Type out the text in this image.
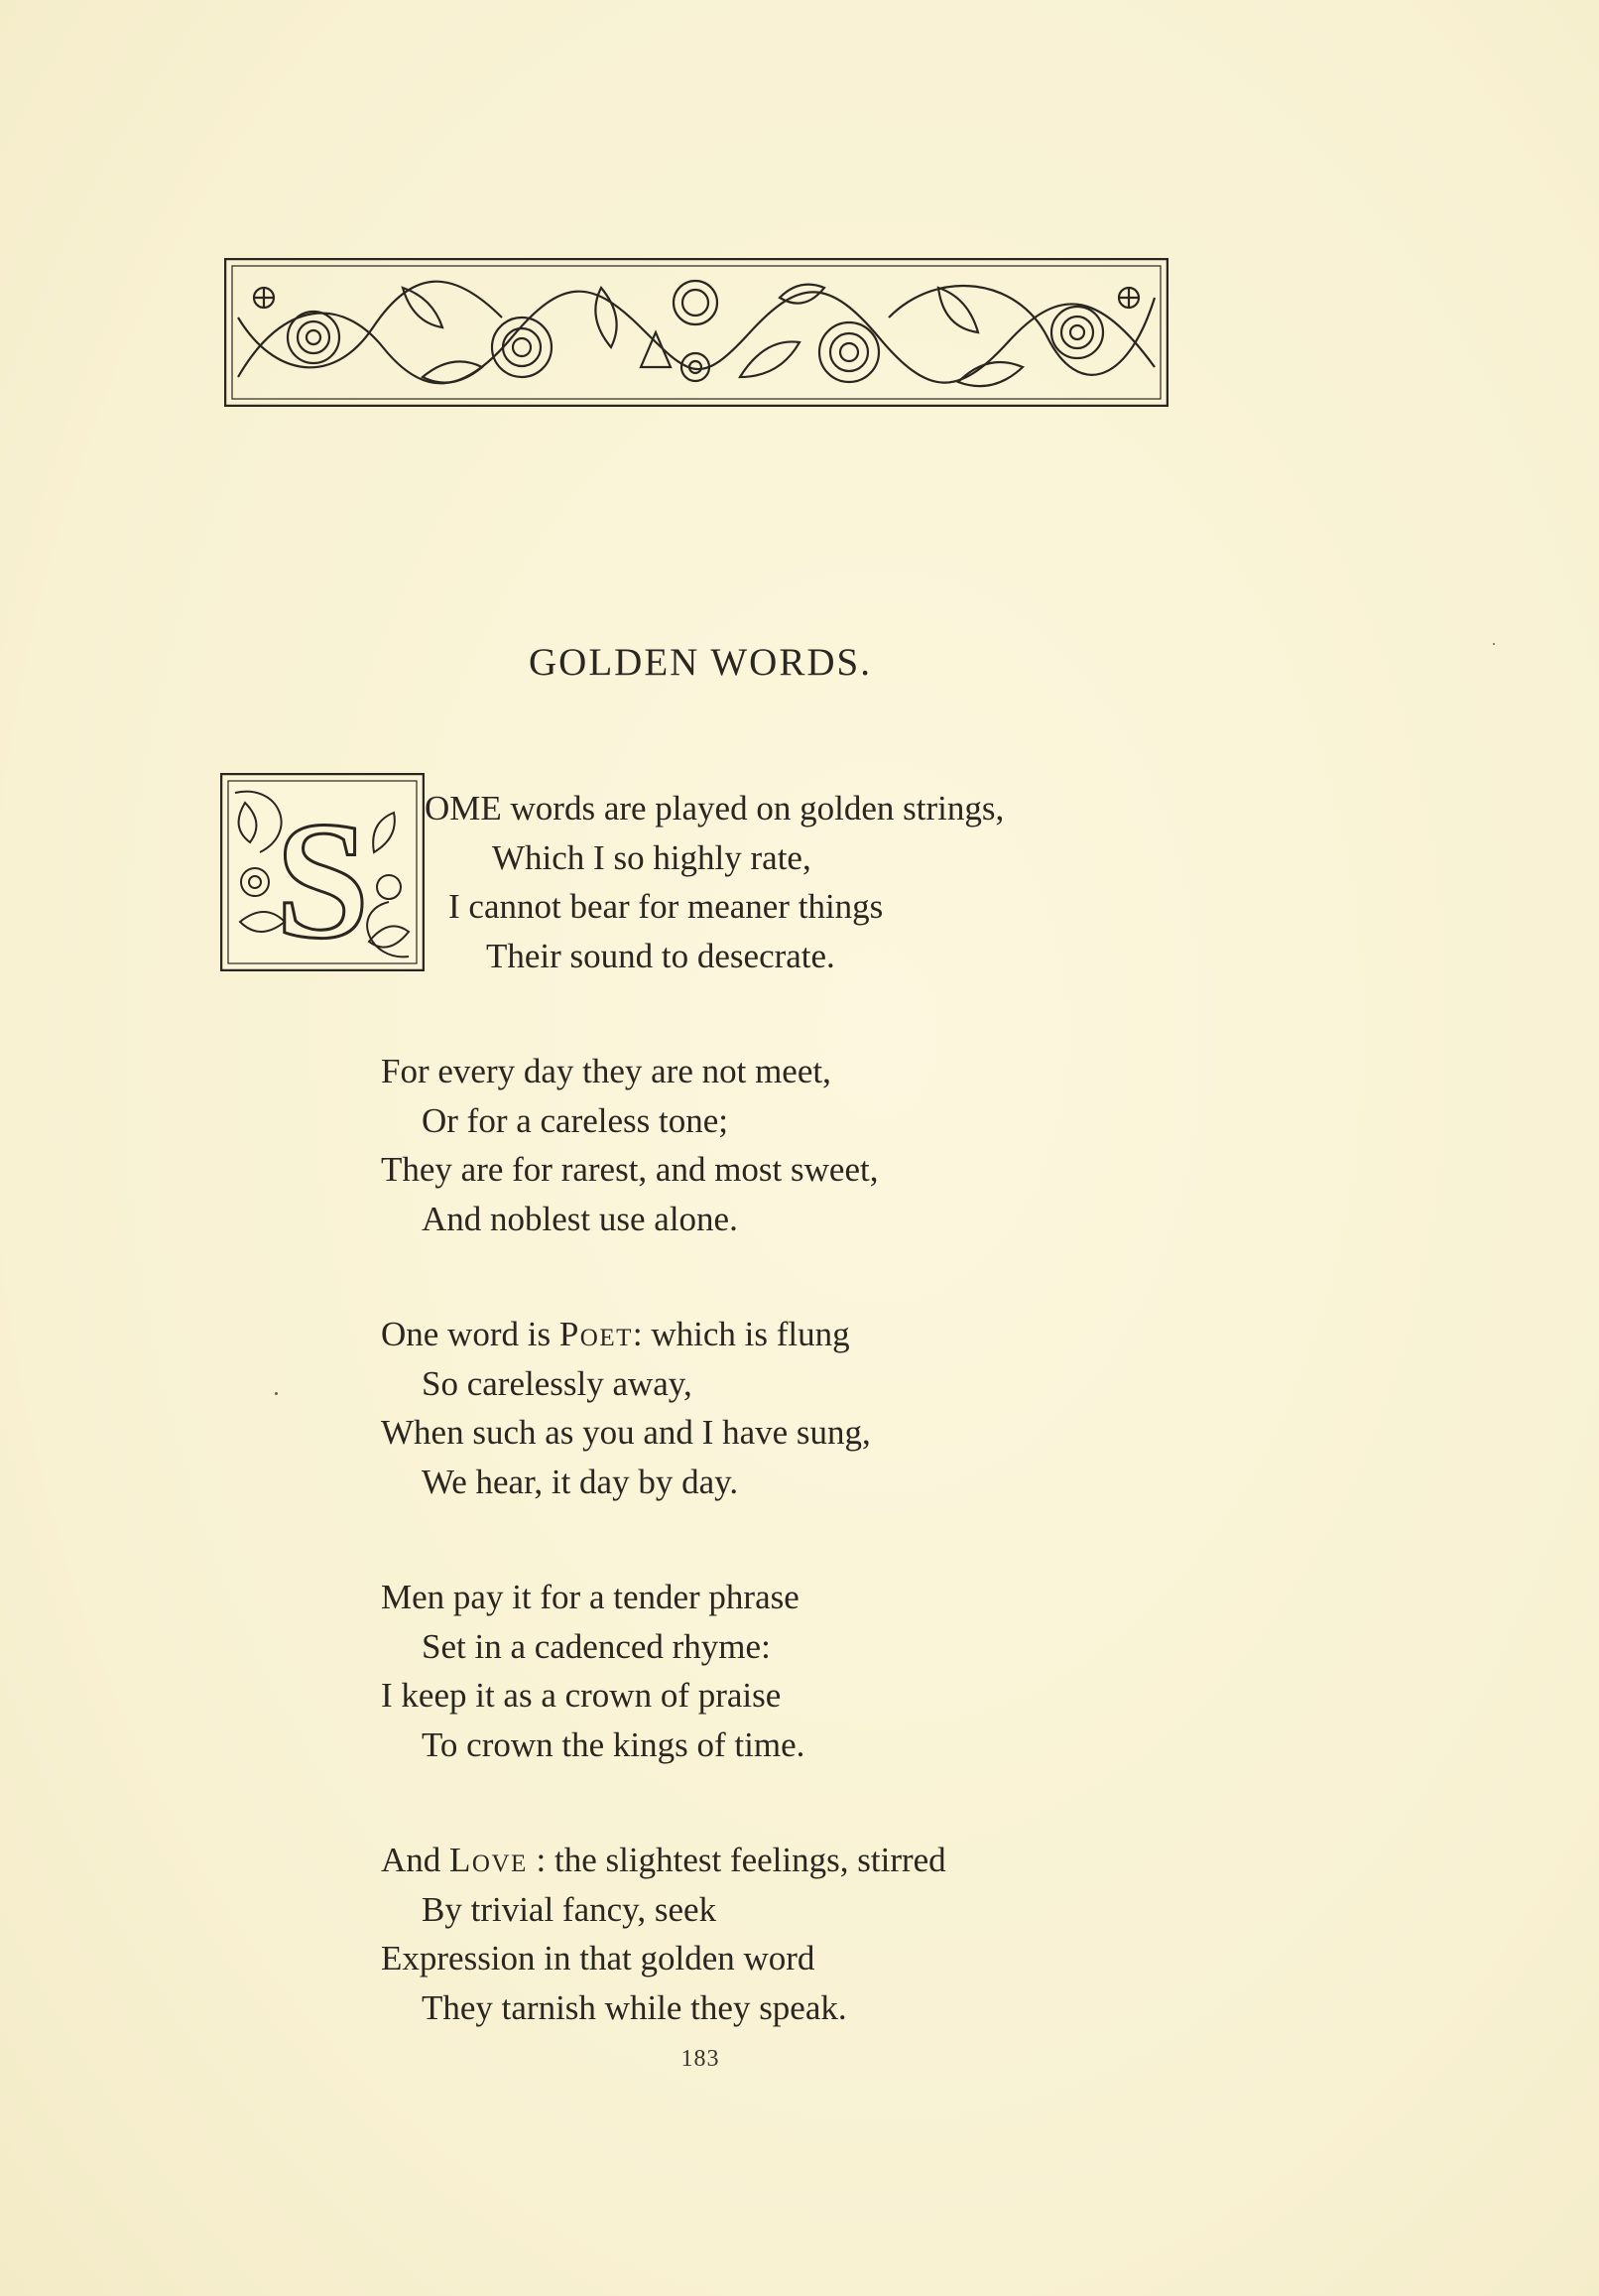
GOLDEN WORDS.
S	OME words are played on golden strings,
Which I so highly rate,
I cannot bear for meaner things
Their sound to desecrate.
For every day they are not meet,
Or for a careless tone;
They are for rarest, and most sweet,
And noblest use alone.
One word is Poet: which is flung
So carelessly away,
When such as you and I have sung,
We hear, it day by day.
Men pay it for a tender phrase
Set in a cadenced rhyme:
I keep it as a crown of praise
To crown the kings of time.
And Love : the slightest feelings, stirred
By trivial fancy, seek
Expression in that golden word
They tarnish while they speak.
183
